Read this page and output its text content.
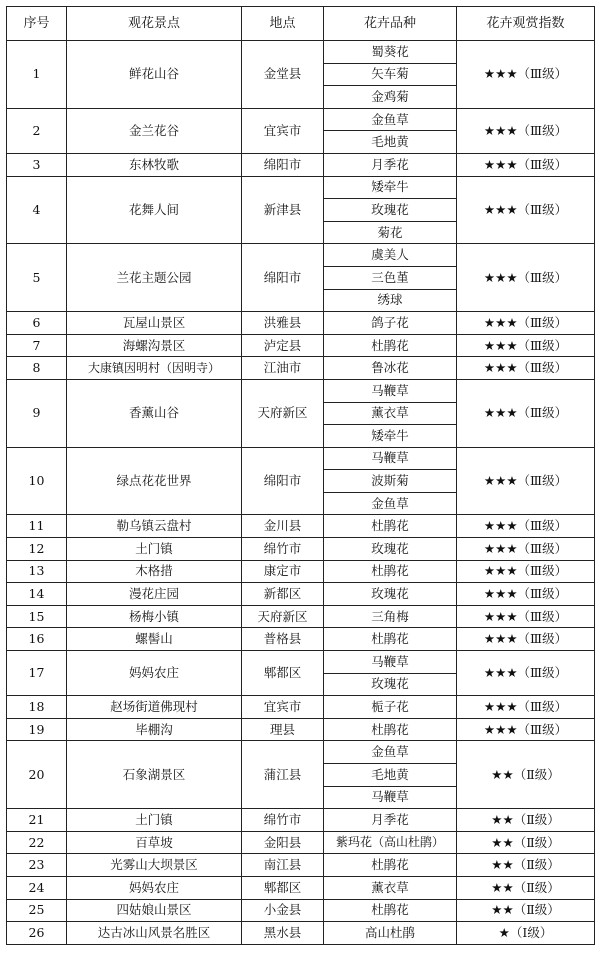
序号	观花景点	地点	花卉品种	花卉观赏指数
1	鲜花山谷	金堂县	蜀葵花	★★★（Ⅲ级）
			矢车菊	
			金鸡菊	
2	金兰花谷	宜宾市	金鱼草	★★★（Ⅲ级）
			毛地黄	
3	东林牧歌	绵阳市	月季花	★★★（Ⅲ级）
4	花舞人间	新津县	矮牵牛	★★★（Ⅲ级）
			玫瑰花	
			菊花	
5	兰花主题公园	绵阳市	虞美人	★★★（Ⅲ级）
			三色堇	
			绣球	
6	瓦屋山景区	洪雅县	鸽子花	★★★（Ⅲ级）
7	海螺沟景区	泸定县	杜鹃花	★★★（Ⅲ级）
8	大康镇因明村（因明寺）	江油市	鲁冰花	★★★（Ⅲ级）
9	香薰山谷	天府新区	马鞭草	★★★（Ⅲ级）
			薰衣草	
			矮牵牛	
10	绿点花花世界	绵阳市	马鞭草	★★★（Ⅲ级）
			波斯菊	
			金鱼草	
11	勒乌镇云盘村	金川县	杜鹃花	★★★（Ⅲ级）
12	土门镇	绵竹市	玫瑰花	★★★（Ⅲ级）
13	木格措	康定市	杜鹃花	★★★（Ⅲ级）
14	漫花庄园	新都区	玫瑰花	★★★（Ⅲ级）
15	杨梅小镇	天府新区	三角梅	★★★（Ⅲ级）
16	螺髻山	普格县	杜鹃花	★★★（Ⅲ级）
17	妈妈农庄	郫都区	马鞭草	★★★（Ⅲ级）
			玫瑰花	
18	赵场街道佛现村	宜宾市	栀子花	★★★（Ⅲ级）
19	毕棚沟	理县	杜鹃花	★★★（Ⅲ级）
20	石象湖景区	蒲江县	金鱼草	★★（Ⅱ级）
			毛地黄	
			马鞭草	
21	土门镇	绵竹市	月季花	★★（Ⅱ级）
22	百草坡	金阳县	紫玛花（高山杜鹃）	★★（Ⅱ级）
23	光雾山大坝景区	南江县	杜鹃花	★★（Ⅱ级）
24	妈妈农庄	郫都区	薰衣草	★★（Ⅱ级）
25	四姑娘山景区	小金县	杜鹃花	★★（Ⅱ级）
26	达古冰山风景名胜区	黑水县	高山杜鹃	★（Ⅰ级）
